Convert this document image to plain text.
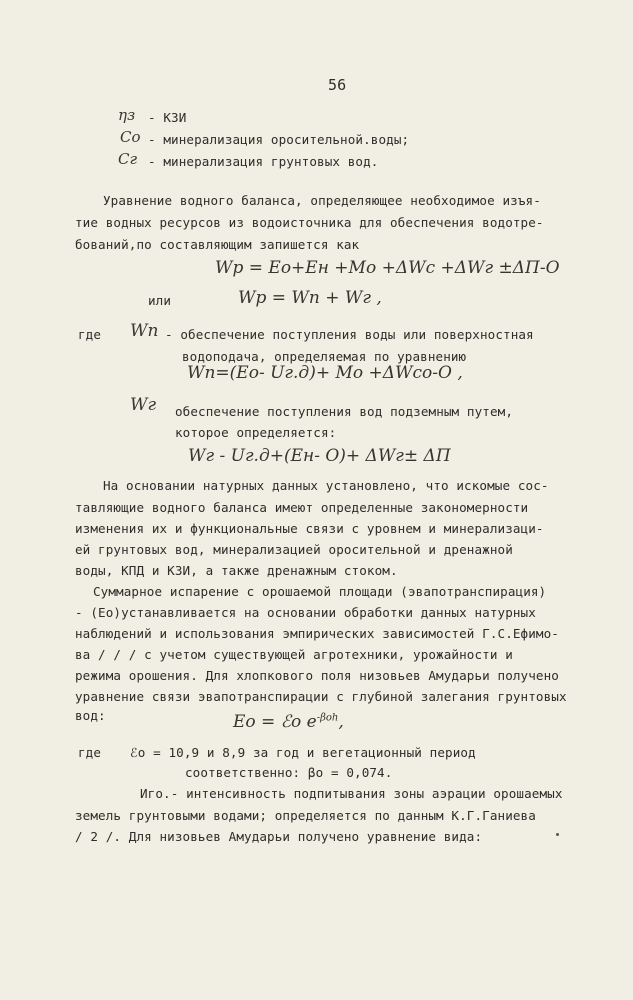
56
ηз - КЗИ
Cо - минерализация оросительной.воды;
Cг - минерализация грунтовых вод.
Уравнение водного баланса, определяющее необходимое изъя-
тие водных ресурсов из водоисточника для обеспечения водотре-
бований,по составляющим запишется как
Wр = Eо+Eн +Mо +ΔWс +ΔWг ±ΔП-О
или	Wр = Wп + Wг ,
где Wп - обеспечение поступления воды или поверхностная
водоподача, определяемая по уравнению
Wп=(Eо- Uг.д)+ Mо +ΔWсо-О ,
Wг обеспечение поступления вод подземным путем,
которое определяется:
Wг - Uг.д+(Eн- О)+ ΔWг± ΔП
На основании натурных данных установлено, что искомые сос-
тавляющие водного баланса имеют определенные закономерности
изменения их и функциональные связи с уровнем и минерализаци-
ей грунтовых вод, минерализацией оросительной и дренажной
воды, КПД и КЗИ, а также дренажным стоком.
Суммарное испарение с орошаемой площади (эвапотранспирация)
- (Eо)устанавливается на основании обработки данных натурных
наблюдений и использования эмпирических зависимостей Г.С.Ефимо-
ва / / / с учетом существующей агротехники, урожайности и
режима орошения. Для хлопкового поля низовьев Амударьи получено
уравнение связи эвапотранспирации с глубиной залегания грунтовых
вод:	Eо = ℰо $e^{-\beta оh}$,
где ℰо = 10,9 и 8,9 за год и вегетационный период
соответственно: βо = 0,074.
Иго.- интенсивность подпитывания зоны аэрации орошаемых
земель грунтовыми водами; определяется по данным К.Г.Ганиева
/ 2 /. Для низовьев Амударьи получено уравнение вида:
